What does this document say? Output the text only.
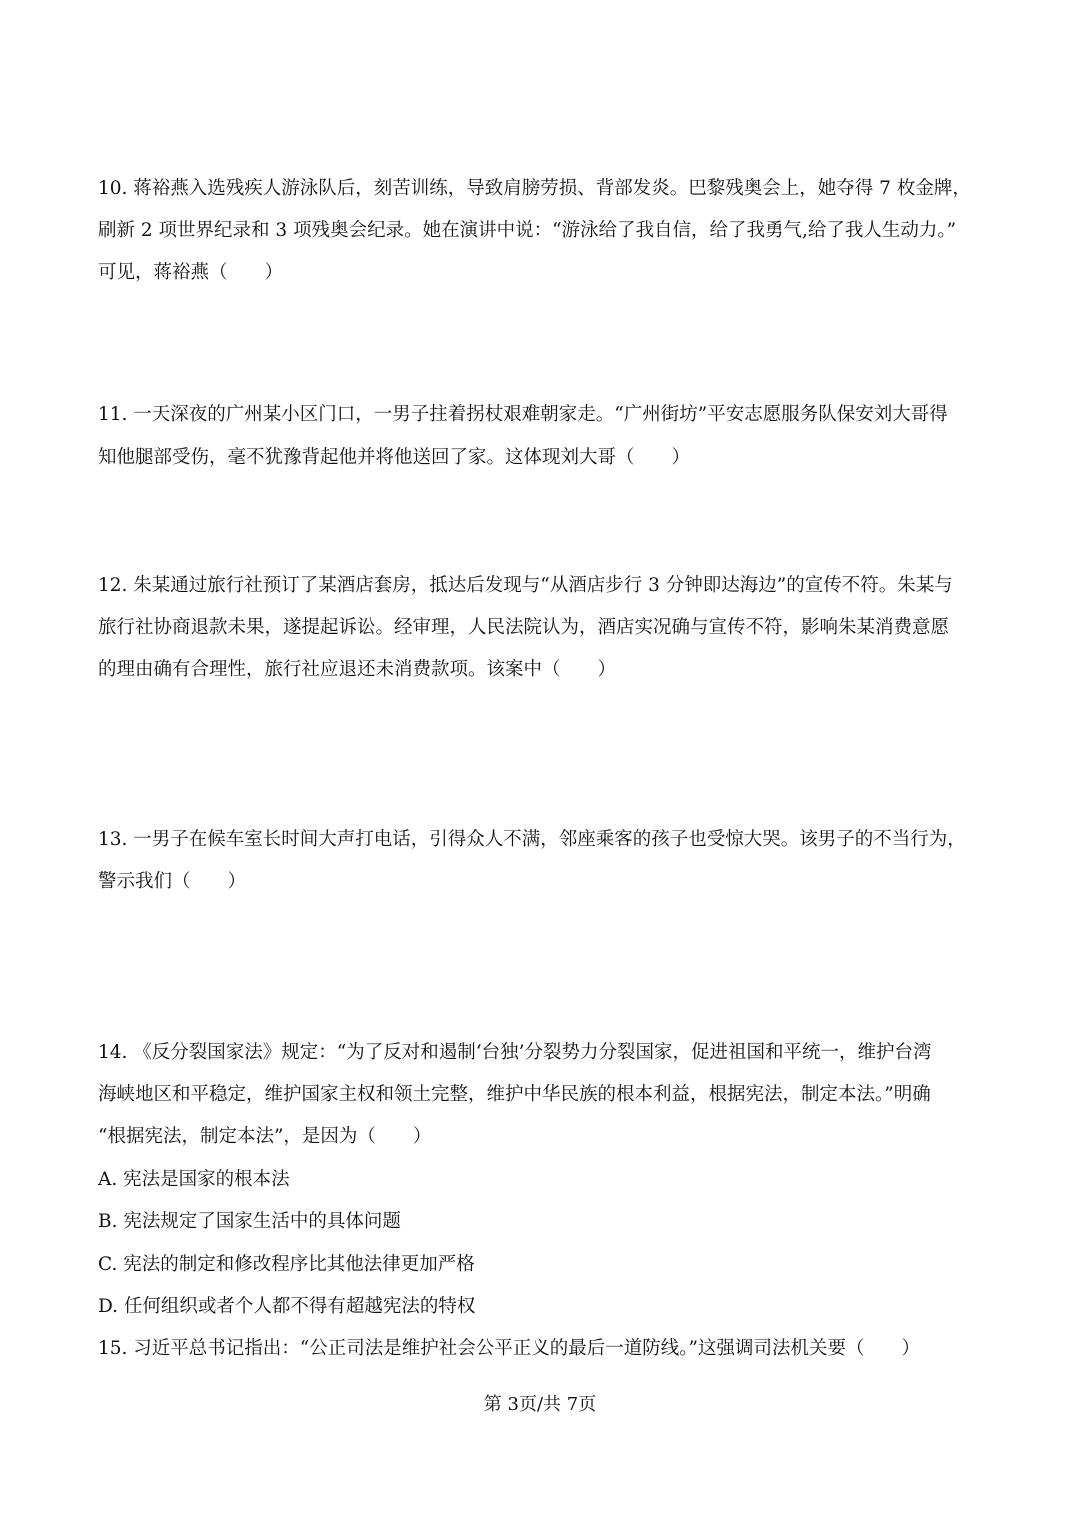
10. 蒋裕燕入选残疾人游泳队后，刻苦训练，导致肩膀劳损、背部发炎。巴黎残奥会上，她夺得 7 枚金牌，
刷新 2 项世界纪录和 3 项残奥会纪录。她在演讲中说：“游泳给了我自信，给了我勇气,给了我人生动力。”
可见，蒋裕燕（　　）
11. 一天深夜的广州某小区门口，一男子拄着拐杖艰难朝家走。“广州街坊”平安志愿服务队保安刘大哥得
知他腿部受伤，毫不犹豫背起他并将他送回了家。这体现刘大哥（　　）
12. 朱某通过旅行社预订了某酒店套房，抵达后发现与“从酒店步行 3 分钟即达海边”的宣传不符。朱某与
旅行社协商退款未果，遂提起诉讼。经审理，人民法院认为，酒店实况确与宣传不符，影响朱某消费意愿
的理由确有合理性，旅行社应退还未消费款项。该案中（　　）
13. 一男子在候车室长时间大声打电话，引得众人不满，邻座乘客的孩子也受惊大哭。该男子的不当行为，
警示我们（　　）
14. 《反分裂国家法》规定：“为了反对和遏制‘台独’分裂势力分裂国家，促进祖国和平统一，维护台湾
海峡地区和平稳定，维护国家主权和领土完整，维护中华民族的根本利益，根据宪法，制定本法。”明确
“根据宪法，制定本法”，是因为（　　）
A. 宪法是国家的根本法
B. 宪法规定了国家生活中的具体问题
C. 宪法的制定和修改程序比其他法律更加严格
D. 任何组织或者个人都不得有超越宪法的特权
15. 习近平总书记指出：“公正司法是维护社会公平正义的最后一道防线。”这强调司法机关要（　　）
第 3页/共 7页
